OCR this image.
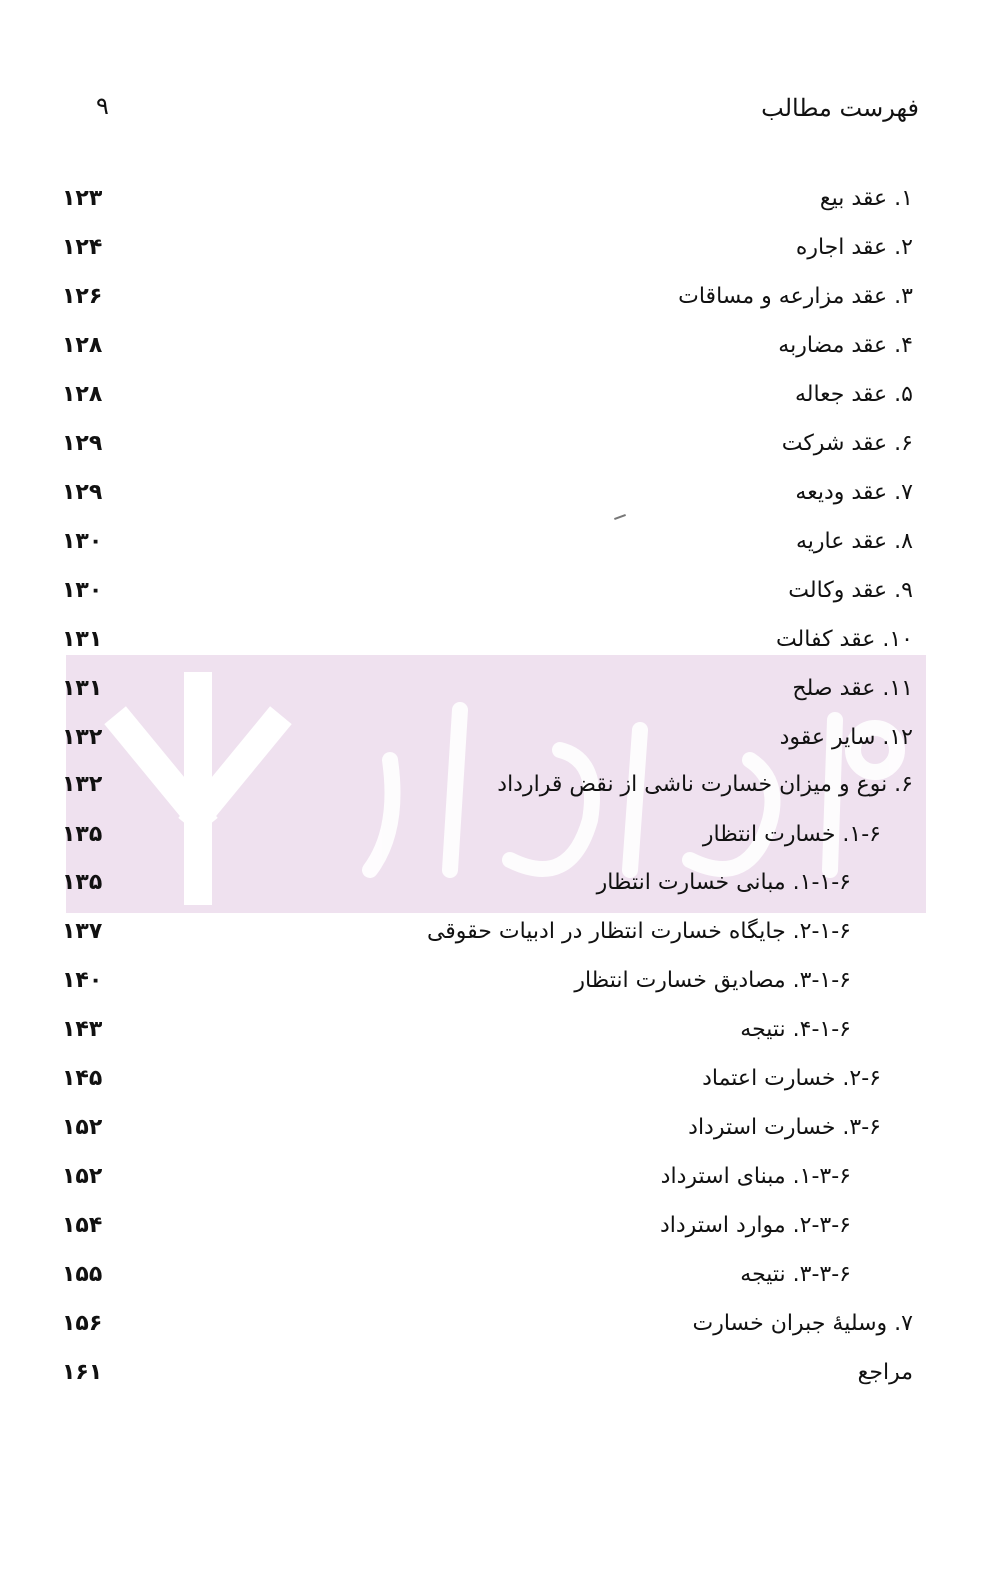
فهرست مطالب
۹
۱. عقد بیع
۱۲۳
۲. عقد اجاره
۱۲۴
۳. عقد مزارعه و مساقات
۱۲۶
۴. عقد مضاربه
۱۲۸
۵. عقد جعاله
۱۲۸
۶. عقد شرکت
۱۲۹
۷. عقد ودیعه
۱۲۹
۸. عقد عاریه
۱۳۰
۹. عقد وکالت
۱۳۰
۱۰. عقد کفالت
۱۳۱
۱۱. عقد صلح
۱۳۱
۱۲. سایر عقود
۱۳۲
۶. نوع و میزان خسارت ناشی از نقض قرارداد
۱۳۲
۱-۶. خسارت انتظار
۱۳۵
۱-۱-۶. مبانی خسارت انتظار
۱۳۵
۲-۱-۶. جایگاه خسارت انتظار در ادبیات حقوقی
۱۳۷
۳-۱-۶. مصادیق خسارت انتظار
۱۴۰
۴-۱-۶. نتیجه
۱۴۳
۲-۶. خسارت اعتماد
۱۴۵
۳-۶. خسارت استرداد
۱۵۲
۱-۳-۶. مبنای استرداد
۱۵۲
۲-۳-۶. موارد استرداد
۱۵۴
۳-۳-۶. نتیجه
۱۵۵
۷. وسلیهٔ جبران خسارت
۱۵۶
مراجع
۱۶۱
